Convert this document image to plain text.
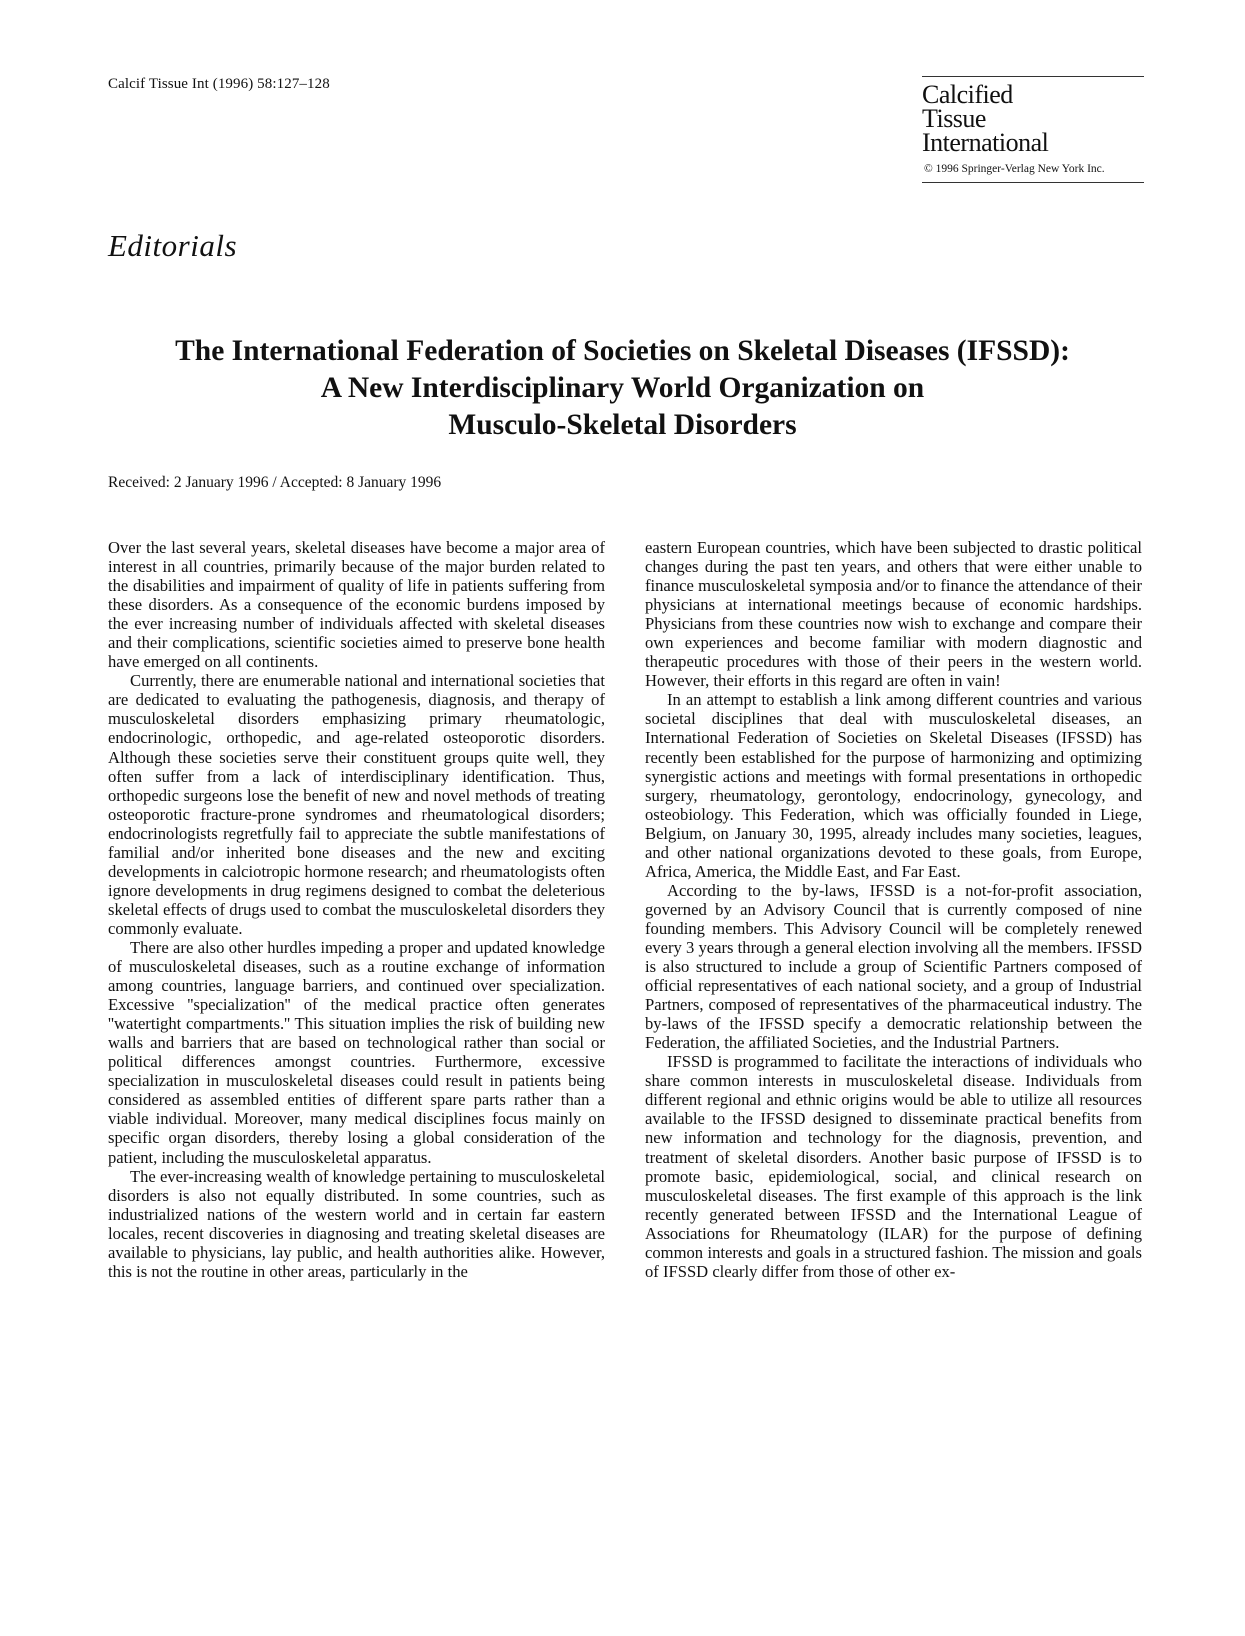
Calcif Tissue Int (1996) 58:127–128	Calcified
Tissue
International
© 1996 Springer-Verlag New York Inc.
Editorials
The International Federation of Societies on Skeletal Diseases (IFSSD):
A New Interdisciplinary World Organization on
Musculo-Skeletal Disorders
Received: 2 January 1996 / Accepted: 8 January 1996

Over the last several years, skeletal diseases have become a major area of interest in all countries, primarily because of the major burden related to the disabilities and impairment of quality of life in patients suffering from these disorders. As a consequence of the economic burdens imposed by the ever increasing number of individuals affected with skeletal diseases and their complications, scientific societies aimed to preserve bone health have emerged on all continents.

Currently, there are enumerable national and international societies that are dedicated to evaluating the pathogenesis, diagnosis, and therapy of musculoskeletal disorders emphasizing primary rheumatologic, endocrinologic, orthopedic, and age-related osteoporotic disorders. Although these societies serve their constituent groups quite well, they often suffer from a lack of interdisciplinary identification. Thus, orthopedic surgeons lose the benefit of new and novel methods of treating osteoporotic fracture-prone syndromes and rheumatological disorders; endocrinologists regretfully fail to appreciate the subtle manifestations of familial and/or inherited bone diseases and the new and exciting developments in calciotropic hormone research; and rheumatologists often ignore developments in drug regimens designed to combat the deleterious skeletal effects of drugs used to combat the musculoskeletal disorders they commonly evaluate.

There are also other hurdles impeding a proper and updated knowledge of musculoskeletal diseases, such as a routine exchange of information among countries, language barriers, and continued over specialization. Excessive ''specialization'' of the medical practice often generates ''watertight compartments.'' This situation implies the risk of building new walls and barriers that are based on technological rather than social or political differences amongst countries. Furthermore, excessive specialization in musculoskeletal diseases could result in patients being considered as assembled entities of different spare parts rather than a viable individual. Moreover, many medical disciplines focus mainly on specific organ disorders, thereby losing a global consideration of the patient, including the musculoskeletal apparatus.

The ever-increasing wealth of knowledge pertaining to musculoskeletal disorders is also not equally distributed. In some countries, such as industrialized nations of the western world and in certain far eastern locales, recent discoveries in diagnosing and treating skeletal diseases are available to physicians, lay public, and health authorities alike. However, this is not the routine in other areas, particularly in the

eastern European countries, which have been subjected to drastic political changes during the past ten years, and others that were either unable to finance musculoskeletal symposia and/or to finance the attendance of their physicians at international meetings because of economic hardships. Physicians from these countries now wish to exchange and compare their own experiences and become familiar with modern diagnostic and therapeutic procedures with those of their peers in the western world. However, their efforts in this regard are often in vain!

In an attempt to establish a link among different countries and various societal disciplines that deal with musculoskeletal diseases, an International Federation of Societies on Skeletal Diseases (IFSSD) has recently been established for the purpose of harmonizing and optimizing synergistic actions and meetings with formal presentations in orthopedic surgery, rheumatology, gerontology, endocrinology, gynecology, and osteobiology. This Federation, which was officially founded in Liege, Belgium, on January 30, 1995, already includes many societies, leagues, and other national organizations devoted to these goals, from Europe, Africa, America, the Middle East, and Far East.

According to the by-laws, IFSSD is a not-for-profit association, governed by an Advisory Council that is currently composed of nine founding members. This Advisory Council will be completely renewed every 3 years through a general election involving all the members. IFSSD is also structured to include a group of Scientific Partners composed of official representatives of each national society, and a group of Industrial Partners, composed of representatives of the pharmaceutical industry. The by-laws of the IFSSD specify a democratic relationship between the Federation, the affiliated Societies, and the Industrial Partners.

IFSSD is programmed to facilitate the interactions of individuals who share common interests in musculoskeletal disease. Individuals from different regional and ethnic origins would be able to utilize all resources available to the IFSSD designed to disseminate practical benefits from new information and technology for the diagnosis, prevention, and treatment of skeletal disorders. Another basic purpose of IFSSD is to promote basic, epidemiological, social, and clinical research on musculoskeletal diseases. The first example of this approach is the link recently generated between IFSSD and the International League of Associations for Rheumatology (ILAR) for the purpose of defining common interests and goals in a structured fashion. The mission and goals of IFSSD clearly differ from those of other ex-
